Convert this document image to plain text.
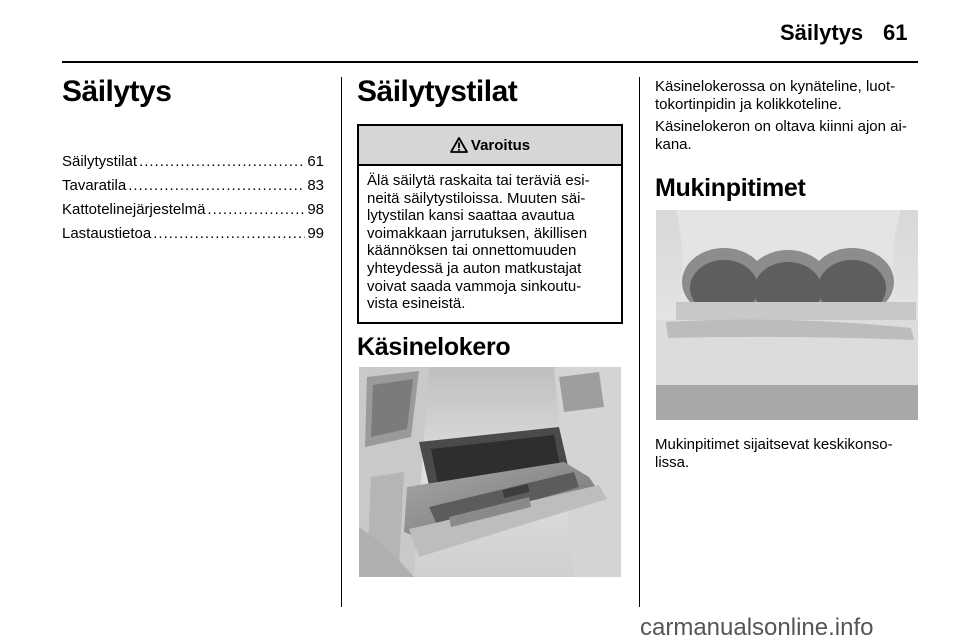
Säilytys 61
Säilytys
Säilytystilat .....	61
Tavaratila .....	83
Kattotelinejärjestelmä .....	98
Lastaustietoa .....	99
Säilytystilat
Varoitus
Älä säilytä raskaita tai teräviä esi-
neitä säilytystiloissa. Muuten säi-
lytystilan kansi saattaa avautua
voimakkaan jarrutuksen, äkillisen
käännöksen tai onnettomuuden
yhteydessä ja auton matkustajat
voivat saada vammoja sinkoutu-
vista esineistä.
Käsinelokero
Käsinelokerossa on kynäteline, luot-
tokortinpidin ja kolikkoteline.
Käsinelokeron on oltava kiinni ajon ai-
kana.
Mukinpitimet
Mukinpitimet sijaitsevat keskikonso-
lissa.
carmanualsonline.info
